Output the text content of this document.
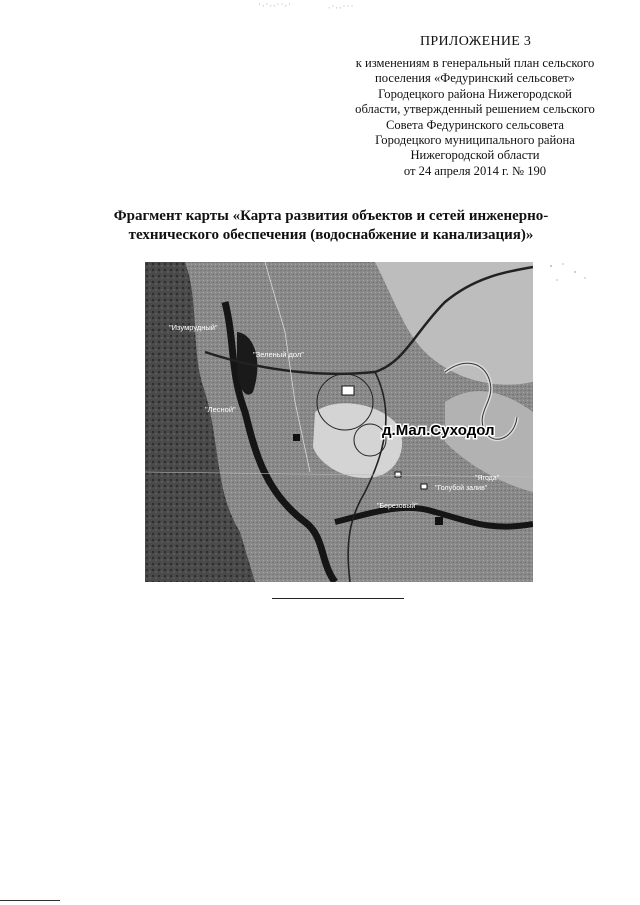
˙ˑ˙ˑˑ˙˙ˑ˙	ˑ˙ˑˑ˙˙˙
ПРИЛОЖЕНИЕ 3
к изменениям в генеральный план сельского
поселения «Федуринский сельсовет»
Городецкого района Нижегородской
области, утвержденный решением сельского
Совета Федуринского сельсовета
Городецкого муниципального района
Нижегородской области
от 24 апреля 2014 г. № 190
Фрагмент карты «Карта развития объектов и сетей инженерно-
технического обеспечения (водоснабжение и канализация)»
д.Мал.Суходол
"Изумрудный"
"Зеленый дол"
"Лесной"
"Голубой залив"
"Ягода"
"Березовый"
